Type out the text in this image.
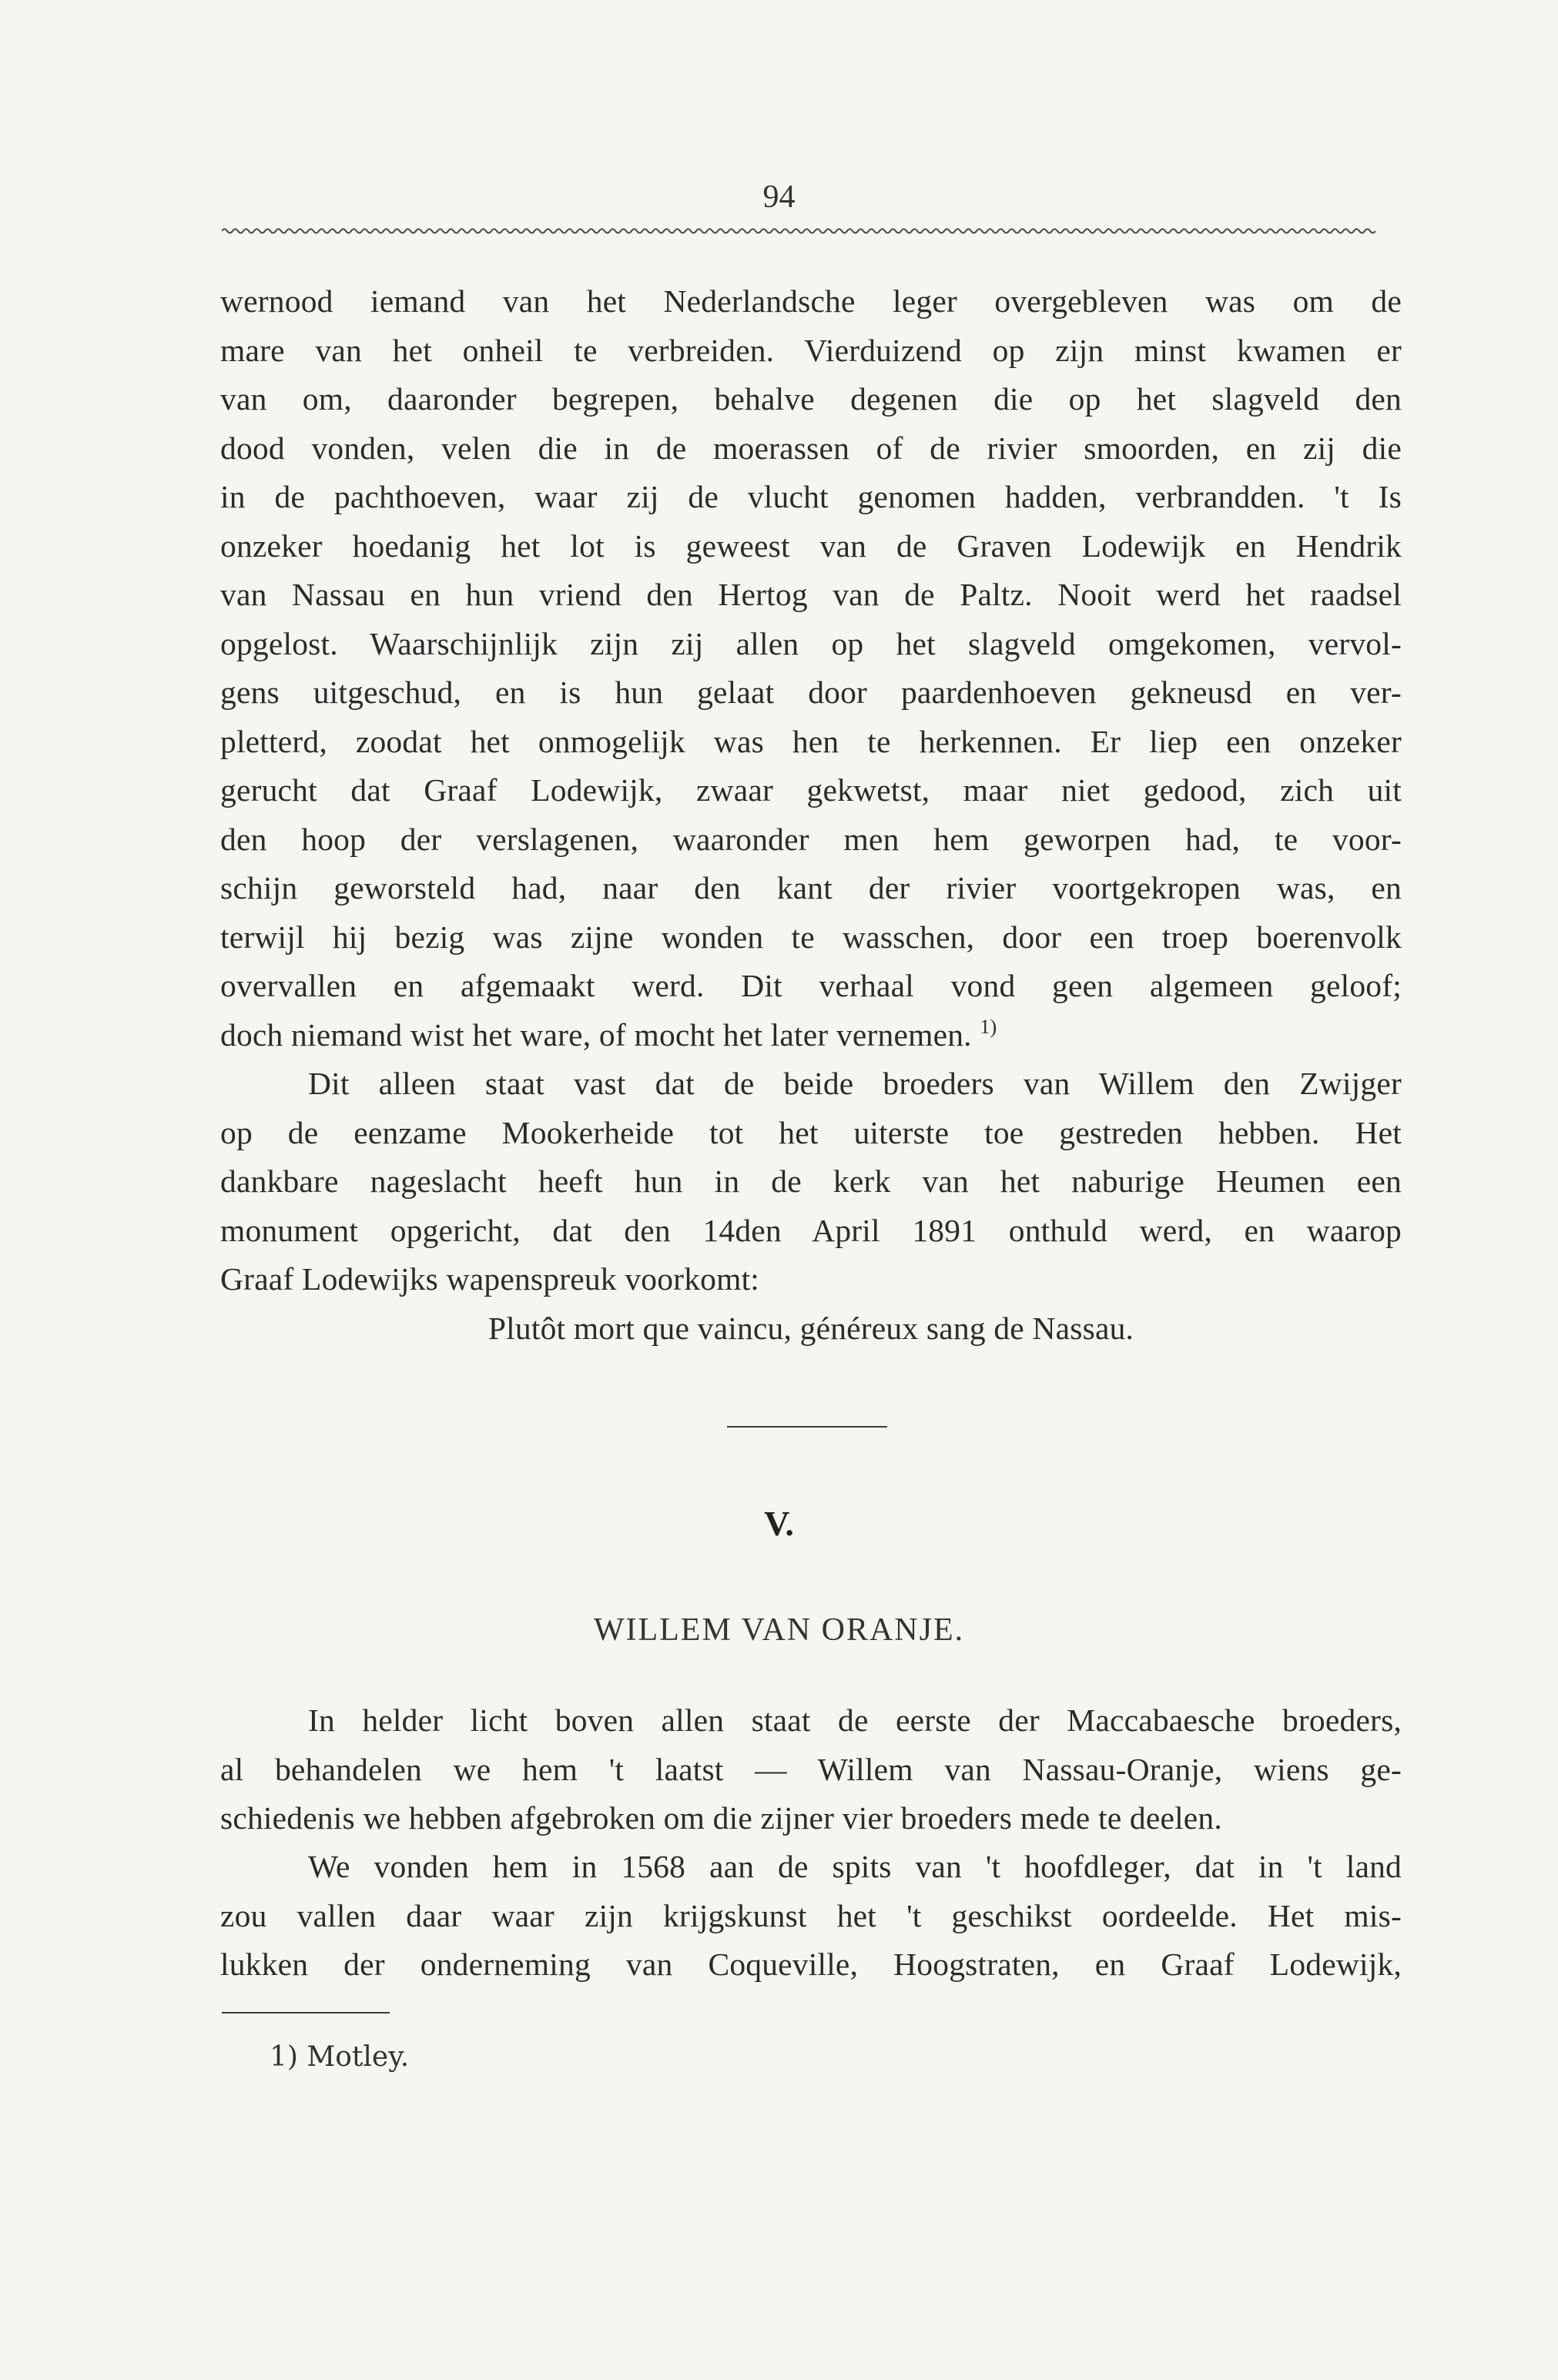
94
wernood iemand van het Nederlandsche leger overgebleven was om de
mare van het onheil te verbreiden. Vierduizend op zijn minst kwamen er
van om, daaronder begrepen, behalve degenen die op het slagveld den
dood vonden, velen die in de moerassen of de rivier smoorden, en zij die
in de pachthoeven, waar zij de vlucht genomen hadden, verbrandden. 't Is
onzeker hoedanig het lot is geweest van de Graven Lodewijk en Hendrik
van Nassau en hun vriend den Hertog van de Paltz. Nooit werd het raadsel
opgelost. Waarschijnlijk zijn zij allen op het slagveld omgekomen, vervol-
gens uitgeschud, en is hun gelaat door paardenhoeven gekneusd en ver-
pletterd, zoodat het onmogelijk was hen te herkennen. Er liep een onzeker
gerucht dat Graaf Lodewijk, zwaar gekwetst, maar niet gedood, zich uit
den hoop der verslagenen, waaronder men hem geworpen had, te voor-
schijn geworsteld had, naar den kant der rivier voortgekropen was, en
terwijl hij bezig was zijne wonden te wasschen, door een troep boerenvolk
overvallen en afgemaakt werd. Dit verhaal vond geen algemeen geloof;
doch niemand wist het ware, of mocht het later vernemen. $^{1)}$
Dit alleen staat vast dat de beide broeders van Willem den Zwijger
op de eenzame Mookerheide tot het uiterste toe gestreden hebben. Het
dankbare nageslacht heeft hun in de kerk van het naburige Heumen een
monument opgericht, dat den 14den April 1891 onthuld werd, en waarop
Graaf Lodewijks wapenspreuk voorkomt:
Plutôt mort que vaincu, généreux sang de Nassau.
V.
WILLEM VAN ORANJE.
In helder licht boven allen staat de eerste der Maccabaesche broeders,
al behandelen we hem 't laatst — Willem van Nassau-Oranje, wiens ge-
schiedenis we hebben afgebroken om die zijner vier broeders mede te deelen.
We vonden hem in 1568 aan de spits van 't hoofdleger, dat in 't land
zou vallen daar waar zijn krijgskunst het 't geschikst oordeelde. Het mis-
lukken der onderneming van Coqueville, Hoogstraten, en Graaf Lodewijk,
1) Motley.
